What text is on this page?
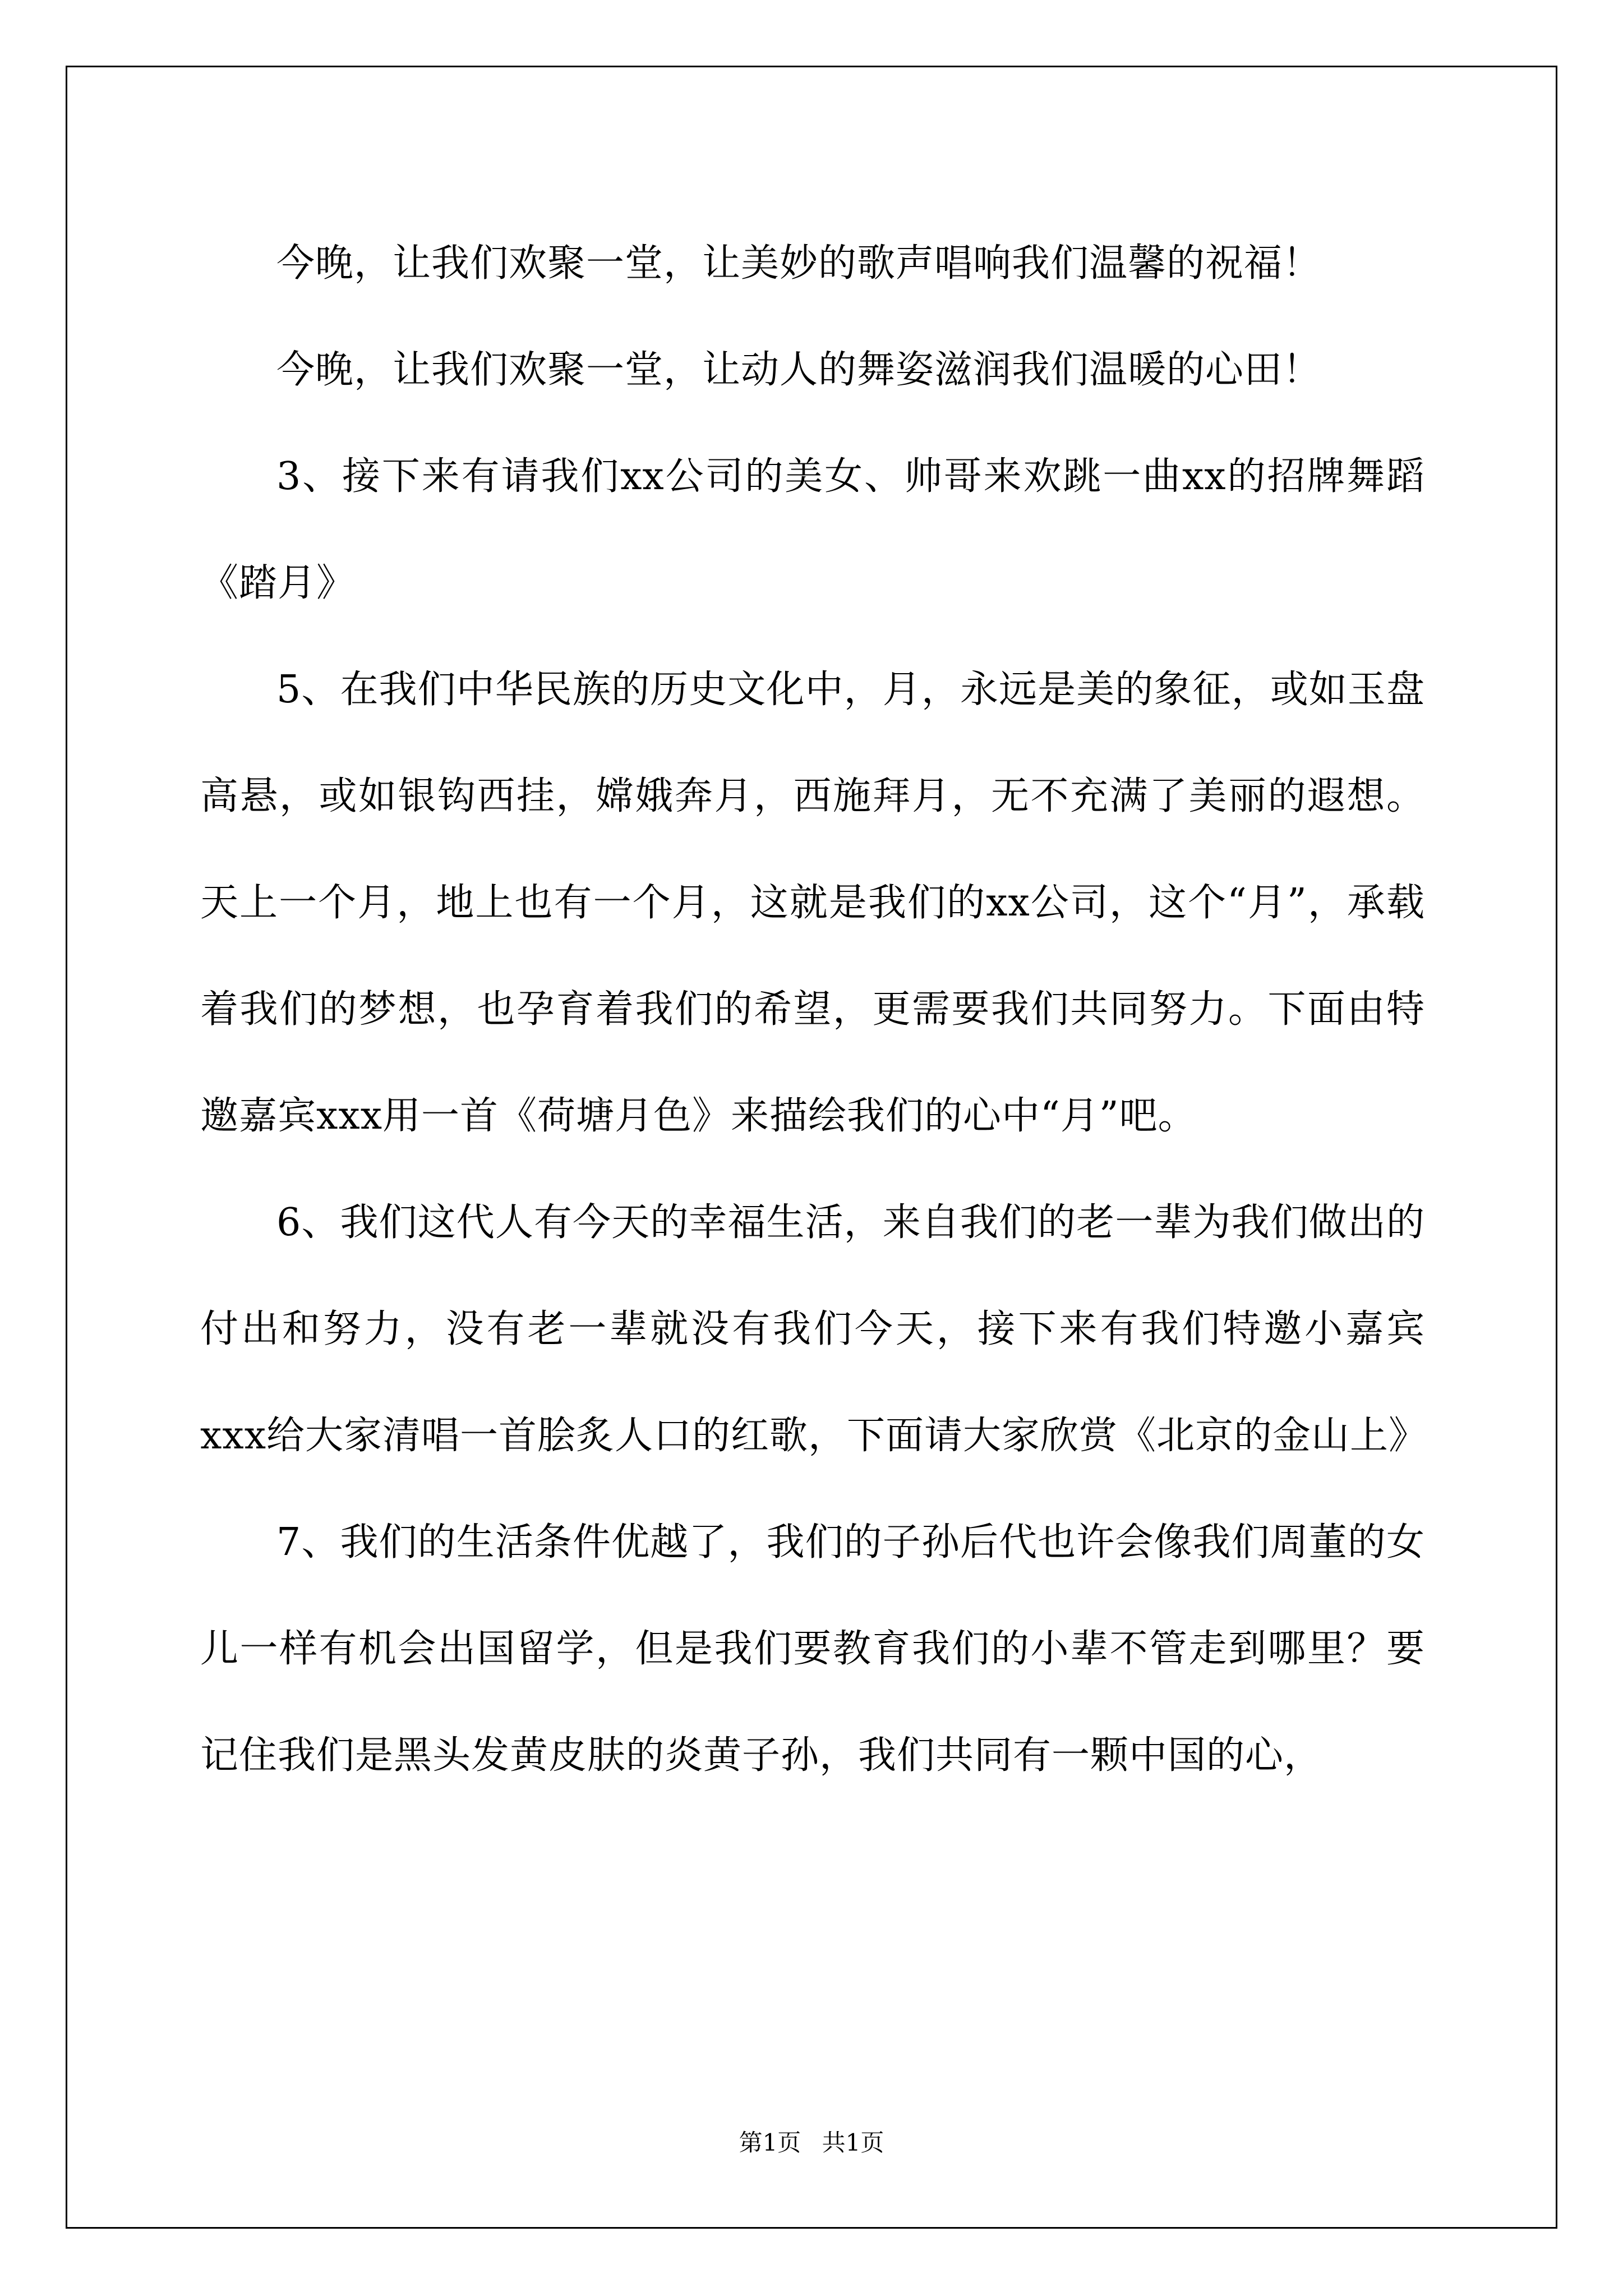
今晚，让我们欢聚一堂，让美妙的歌声唱响我们温馨的祝福！

今晚，让我们欢聚一堂，让动人的舞姿滋润我们温暖的心田！

3、接下来有请我们xx公司的美女、帅哥来欢跳一曲xx的招牌舞蹈《踏月》

5、在我们中华民族的历史文化中，月，永远是美的象征，或如玉盘高悬，或如银钩西挂，嫦娥奔月，西施拜月，无不充满了美丽的遐想。天上一个月，地上也有一个月，这就是我们的xx公司，这个“月”，承载着我们的梦想，也孕育着我们的希望，更需要我们共同努力。下面由特邀嘉宾xxx用一首《荷塘月色》来描绘我们的心中“月”吧。

6、我们这代人有今天的幸福生活，来自我们的老一辈为我们做出的付出和努力，没有老一辈就没有我们今天，接下来有我们特邀小嘉宾xxx给大家清唱一首脍炙人口的红歌，下面请大家欣赏《北京的金山上》

7、我们的生活条件优越了，我们的子孙后代也许会像我们周董的女儿一样有机会出国留学，但是我们要教育我们的小辈不管走到哪里？要记住我们是黑头发黄皮肤的炎黄子孙，我们共同有一颗中国的心，

第1页 共1页
